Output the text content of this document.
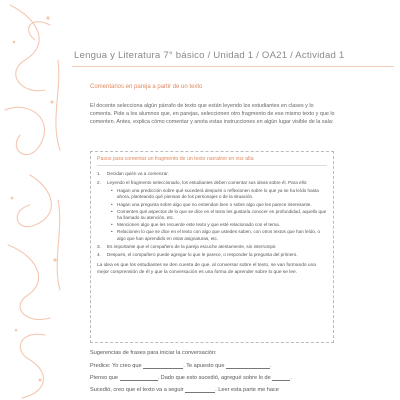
Lengua y Literatura 7° básico / Unidad 1 / OA21 / Actividad 1
Comentarios en pareja a partir de un texto
El docente selecciona algún párrafo de texto que están leyendo los estudiantes en clases y lo comenta. Pide a los alumnos que, en parejas, seleccionen otro fragmento de ese mismo texto y que lo comenten. Antes, explica cómo comentar y anota estas instrucciones en algún lugar visible de la sala:
Pasos para comentar un fragmento de un texto narrativo en voz alta
1.	Decidan quién va a comenzar.
2.	Leyendo el fragmento seleccionado, los estudiantes deben comentar sus ideas sobre él. Para ello:
• Hagan una predicción sobre qué sucederá después o reflexionen sobre lo que ya se ha leído hasta ahora, planteando qué piensan de los personajes o de la situación.
• Hagan una pregunta sobre algo que no entiendan bien o sobre algo que les parece interesante.
• Comenten qué aspectos de lo que se dice en el texto les gustaría conocer en profundidad, aquello que ha llamado su atención, etc.
• Mencionen algo que les recuerde este texto y que esté relacionado con el tema.
• Relacionen lo que se dice en el texto con algo que ustedes saben, con otros textos que han leído, o algo que han aprendido en otras asignaturas, etc.
3.	Es importante que el compañero de la pareja escuche atentamente, sin interrumpir.
4.	Después, el compañero puede agregar lo que le parece, o responder la pregunta del primero.
La idea es que los estudiantes se den cuenta de que, al conversar sobre el texto, se van formando una mejor comprensión de él y que la conversación es una forma de aprender sobre lo que se lee.
Sugerencias de frases para iniciar la conversación:
Predice: Yo creo que	. Te apuesto que	.
Pienso que	. Dado que esto sucedió, agregué sobre lo de	.
Sucedió, creo que el texto va a seguir	. Leer esta parte me hace
